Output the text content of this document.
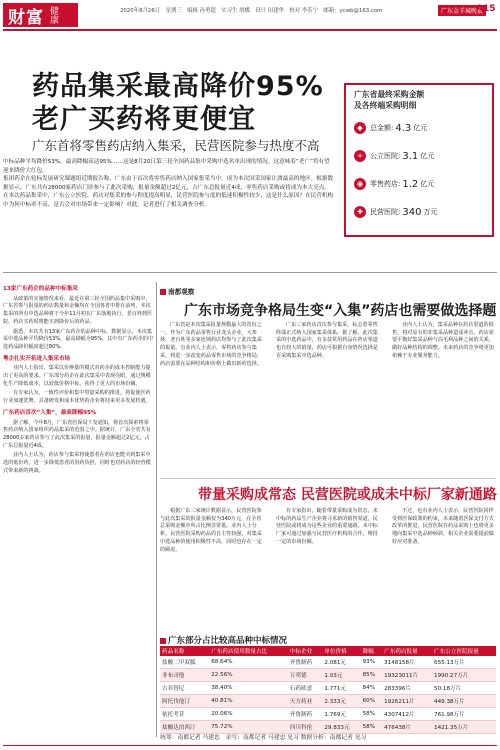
财富 健康	2020年8月26日　星期三　编辑 孙勇超　实习生 胡蝶　设计 田建华　校对 李若宁　邮箱：ycwb@163.com	广东金羊城晚报
A15
药品集采最高降价95%
老广买药将更便宜
广东首将零售药店纳入集采，民营医院参与热度不高
广东省最终采购金额
及各终端采购明细
◆	总金额: 4.3 亿元
+	公立医院: 3.1 亿元
◉ 零售药店: 1.2 亿元
✚	民营医院: 340 万元
中标品种平均降价53%，最高降幅高达95%……这是8月20日第三轮全国药品集中采购中选名单出现的情况。这意味着“老广”将有望迎来降价大红包。
集团药企在轮标发展研究课题组近期报告称，广东由于首次将零售药店纳入国家集采当中，成为本次国采国家让渡最高的地区。根据数据显示，广东共有28000家药店门诊参与了此次采购，报量金额超过2亿元，占广东总报量近4成，零售药店采购或将成为本大亮点。
在本次药品集采中，广东公立医院、药店对集采的参与程度提高明显，民营医院参与度的低迷积极性较少，这是什么原因？在民营机构中为何中标率不高，是否会对市场带来一定影响？对此，记者进行了相关调查分析。
13家广东药企的品种中标集采

从政策的实施情况来看，最近在第三轮全国药品集中采购中，广东省参与报量的药店数量和金额均在全国各省中排在前列，本次集采的所有中选品种将于今年11月初在广东落地执行，老百姓到医院、药店买药时将能买到降价后的药品。

据悉，本次共有13家广东药企的品种中标。数据显示，本次集采中选品种平均降价53%，最高降幅为95%，其中有广东药企的中选药品降价幅度超过80%。

粤企扎实开拓进入集采市场

业内人士指出，集采以价换量的模式对药企的成本控制能力提出了更高的要求。广东部分药企在此次集采中表现亮眼，通过规模化生产降低成本，以较低价格中标，获得了更大的市场份额。

有专家认为，一致性评价和集中带量采购的推进，将促使医药行业加速洗牌，具备研发和成本优势的企业将迎来更多发展机遇。

广东药店首次“入集”，最高降幅95%

据了解，今年8月，广东省医保局下发通知，将首次探索将零售药店纳入国家组织药品集采的范围之中。据统计，广东全省共有28000多家药店参与了此次集采的报量，报量金额超过2亿元，占广东总报量近4成。

业内人士认为，药店参与集采将使患者在药店也能买到集采中选的低价药，进一步降低患者的用药负担，同时也对药店的经营模式带来新的挑战。

南都观察
广东市场竞争格局生变“入集”药店也需要做选择题
广东省是本次集采报量规模最大的省份之一，作为广东药品零售行业龙头企业，大参林、老百姓等多家连锁药店均参与了此次集采的报量。有业内人士表示，零售药店参与集采，将进一步改变药品零售市场的竞争格局，药店需要在品种结构和价格上做出新的选择。
广东三家药店首次参与集采，标志着零售终端正式纳入国家集采体系。据了解，此次集采的中选药品中，有多款常用药品在药店渠道也有较大的销量，药店可根据自身情况选择是否采购集采中选品种。
业内人士认为，集采品种在药店渠道的销售，将对原有的非集采品种造成冲击，药店需要平衡好集采品种与高毛利品种之间的关系，做好品种结构的调整。未来药店的竞争将更加依赖于专业服务能力。
带量采购成常态 民营医院或成未中标厂家新通路
根据广东三家统计数据显示，民营医院参与此次集采的报量金额仅为340万元，在全省总采购金额中所占比例非常低。业内人士分析，民营医院采购药品的自主性较强，对集采中选品种的使用积极性不高，同时也存在一定的顾虑。
有专家指出，随着带量采购成为常态，未中标的药品生产企业将寻求新的销售渠道，民营医院或将成为这些企业的重要通路。未中标厂家可通过加强与民营医疗机构的合作，维持一定的市场份额。
不过，也有业内人士表示，民营医院同样受到医保政策的约束，未来随着医保支付方式改革的推进，民营医院在药品采购上也将更多地向集采中选品种倾斜，相关企业需要提前做好应对准备。
广东部分占比较高品种中标情况
药品名称	广东药店使用数量占比	中标企业	单位价格	降幅	广东药店报量	广东公立医院报量
盐酸二甲双胍	68.64%	齐鲁制药	2.081元	93%	3148158片	655.13万片
非布司他	22.56%	万邦德	1.03元	85%	19323011片	1990.27万片
吉非替尼	38.40%	石药欧意	1.771元	84%	283396片	50.18万片
阿托伐他汀	40.81%	天方药业	2.333元	60%	1926211片	449.38万片
依托考昔	20.06%	齐鲁制药	1.769元	58%	4307412片	761.98万片
盐酸达泊西汀	75.72%	四川科伦	29.833元	58%	476438片	1421.35万片
统筹：南都记者 马建忠　采写：南都记者 马建忠 见习 数据分析：南都记者 见习
